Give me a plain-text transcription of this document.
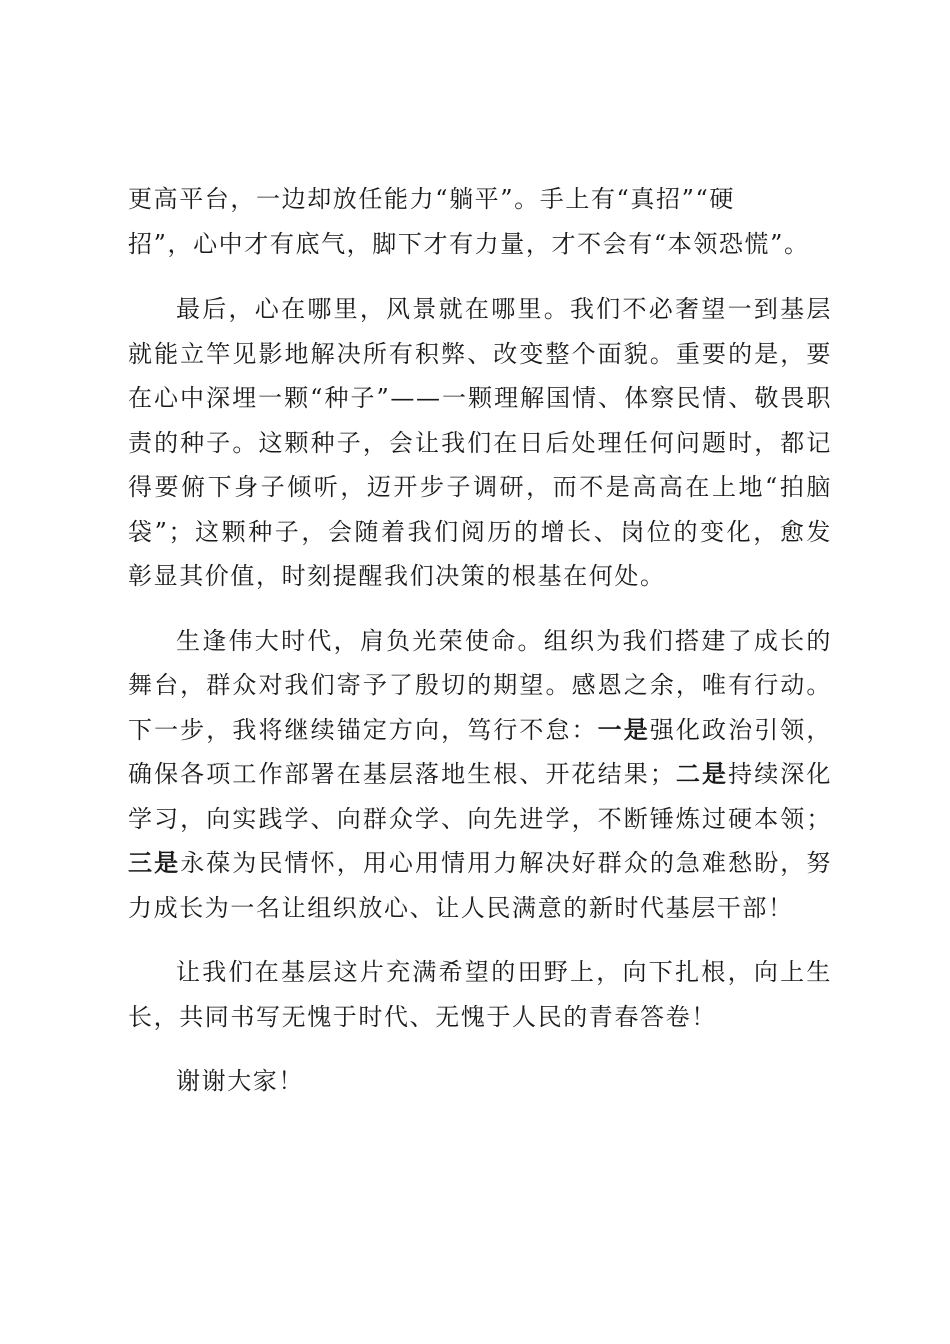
更高平台，一边却放任能力“躺平”。手上有“真招”“硬
招”，心中才有底气，脚下才有力量，才不会有“本领恐慌”。

最后，心在哪里，风景就在哪里。我们不必奢望一到基层就能立竿见影地解决所有积弊、改变整个面貌。重要的是，要在心中深埋一颗“种子”——一颗理解国情、体察民情、敬畏职责的种子。这颗种子，会让我们在日后处理任何问题时，都记得要俯下身子倾听，迈开步子调研，而不是高高在上地“拍脑袋”；这颗种子，会随着我们阅历的增长、岗位的变化，愈发彰显其价值，时刻提醒我们决策的根基在何处。

生逢伟大时代，肩负光荣使命。组织为我们搭建了成长的舞台，群众对我们寄予了殷切的期望。感恩之余，唯有行动。下一步，我将继续锚定方向，笃行不怠：一是强化政治引领，确保各项工作部署在基层落地生根、开花结果；二是持续深化学习，向实践学、向群众学、向先进学，不断锤炼过硬本领；三是永葆为民情怀，用心用情用力解决好群众的急难愁盼，努力成长为一名让组织放心、让人民满意的新时代基层干部！

让我们在基层这片充满希望的田野上，向下扎根，向上生长，共同书写无愧于时代、无愧于人民的青春答卷！

谢谢大家！
